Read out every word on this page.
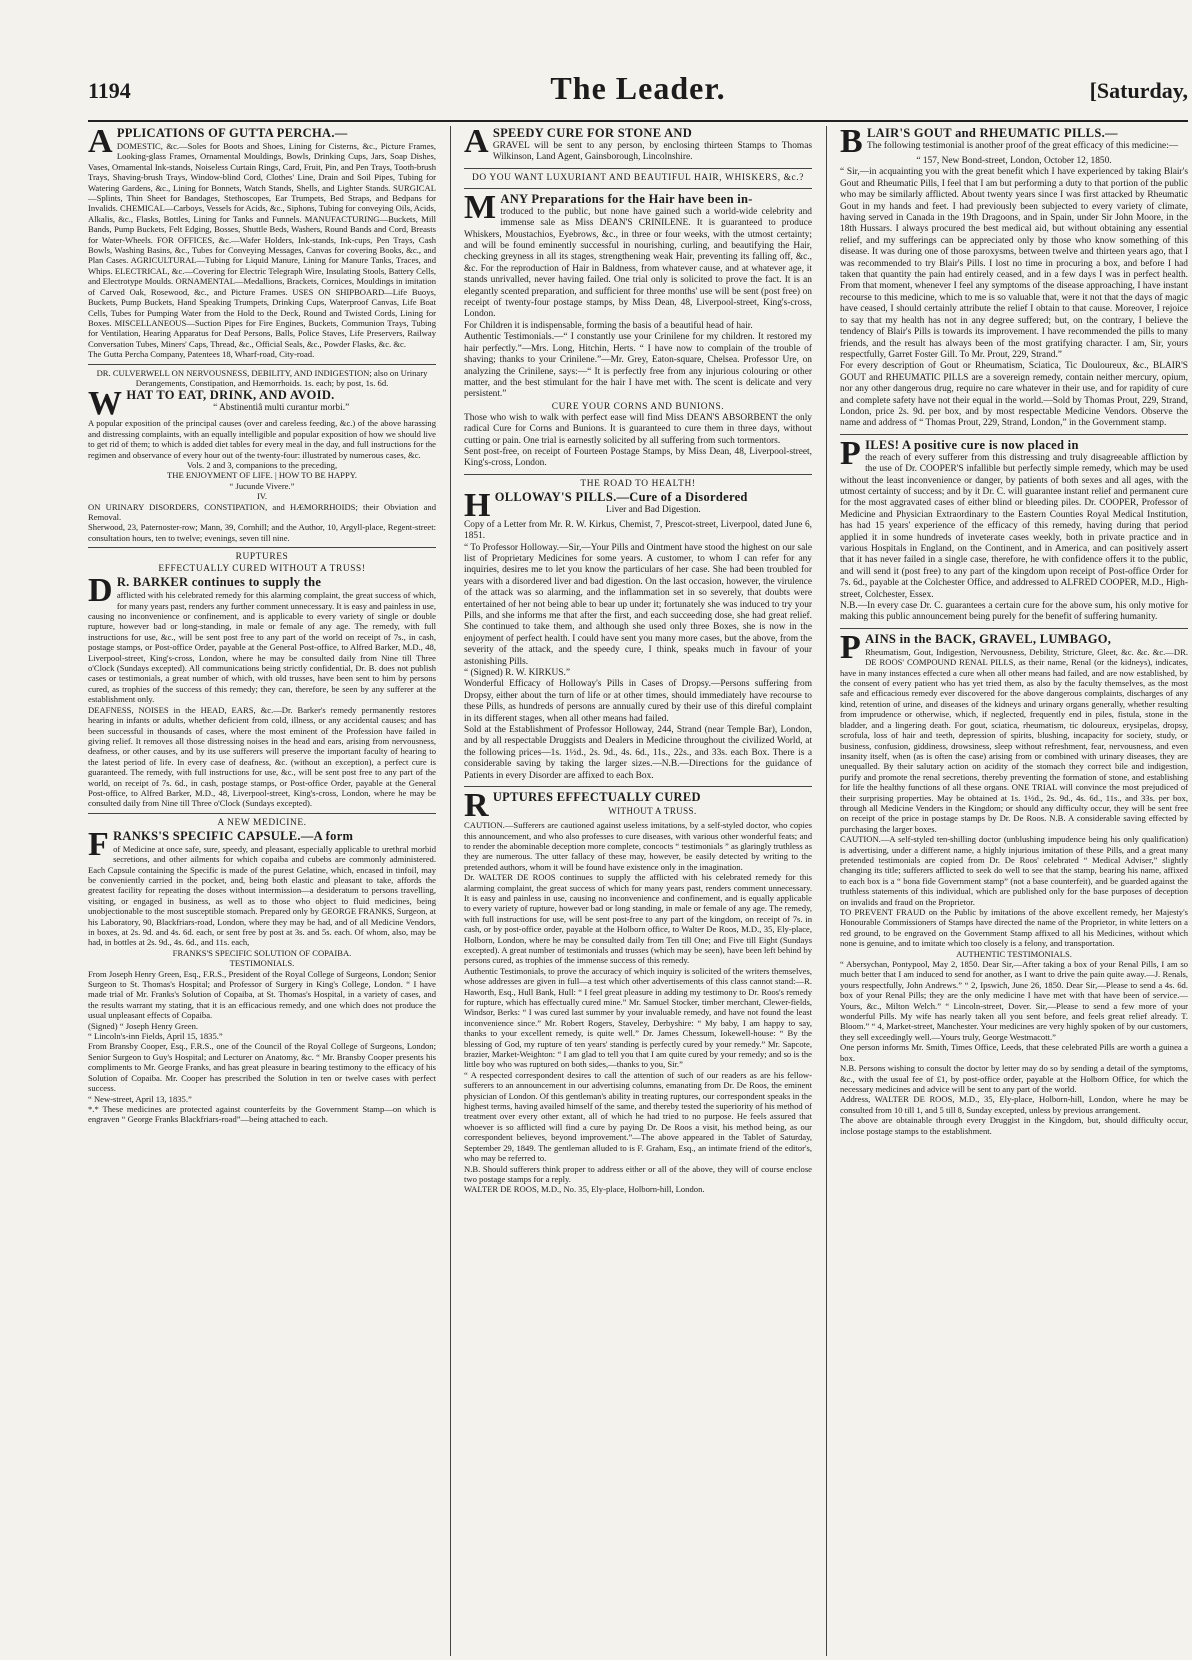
1194	The Leader.	[Saturday,
APPLICATIONS OF GUTTA PERCHA.—

DOMESTIC, &c.—Soles for Boots and Shoes, Lining for Cisterns, &c., Picture Frames, Looking-glass Frames, Ornamental Mouldings, Bowls, Drinking Cups, Jars, Soap Dishes, Vases, Ornamental Ink-stands, Noiseless Curtain Rings, Card, Fruit, Pin, and Pen Trays, Tooth-brush Trays, Shaving-brush Trays, Window-blind Cord, Clothes' Line, Drain and Soil Pipes, Tubing for Watering Gardens, &c., Lining for Bonnets, Watch Stands, Shells, and Lighter Stands. SURGICAL—Splints, Thin Sheet for Bandages, Stethoscopes, Ear Trumpets, Bed Straps, and Bedpans for Invalids. CHEMICAL—Carboys, Vessels for Acids, &c., Siphons, Tubing for conveying Oils, Acids, Alkalis, &c., Flasks, Bottles, Lining for Tanks and Funnels. MANUFACTURING—Buckets, Mill Bands, Pump Buckets, Felt Edging, Bosses, Shuttle Beds, Washers, Round Bands and Cord, Breasts for Water-Wheels. FOR OFFICES, &c.—Wafer Holders, Ink-stands, Ink-cups, Pen Trays, Cash Bowls, Washing Basins, &c., Tubes for Conveying Messages, Canvas for covering Books, &c., and Plan Cases. AGRICULTURAL—Tubing for Liquid Manure, Lining for Manure Tanks, Traces, and Whips. ELECTRICAL, &c.—Covering for Electric Telegraph Wire, Insulating Stools, Battery Cells, and Electrotype Moulds. ORNAMENTAL—Medallions, Brackets, Cornices, Mouldings in imitation of Carved Oak, Rosewood, &c., and Picture Frames. USES ON SHIPBOARD—Life Buoys, Buckets, Pump Buckets, Hand Speaking Trumpets, Drinking Cups, Waterproof Canvas, Life Boat Cells, Tubes for Pumping Water from the Hold to the Deck, Round and Twisted Cords, Lining for Boxes. MISCELLANEOUS—Suction Pipes for Fire Engines, Buckets, Communion Trays, Tubing for Ventilation, Hearing Apparatus for Deaf Persons, Balls, Police Staves, Life Preservers, Railway Conversation Tubes, Miners' Caps, Thread, &c., Official Seals, &c., Powder Flasks, &c. &c.

The Gutta Percha Company, Patentees 18, Wharf-road, City-road.

DR. CULVERWELL ON NERVOUSNESS, DEBILITY, AND INDIGESTION; also on Urinary Derangements, Constipation, and Hæmorrhoids. 1s. each; by post, 1s. 6d.

WHAT TO EAT, DRINK, AND AVOID.

“ Abstinentiâ multi curantur morbi.”

A popular exposition of the principal causes (over and careless feeding, &c.) of the above harassing and distressing complaints, with an equally intelligible and popular exposition of how we should live to get rid of them; to which is added diet tables for every meal in the day, and full instructions for the regimen and observance of every hour out of the twenty-four: illustrated by numerous cases, &c.

Vols. 2 and 3, companions to the preceding,

THE ENJOYMENT OF LIFE. | HOW TO BE HAPPY.

“ Jucunde Vivere.”

IV.

ON URINARY DISORDERS, CONSTIPATION, and HÆMORRHOIDS; their Obviation and Removal.

Sherwood, 23, Paternoster-row; Mann, 39, Cornhill; and the Author, 10, Argyll-place, Regent-street: consultation hours, ten to twelve; evenings, seven till nine.

RUPTURES
EFFECTUALLY CURED WITHOUT A TRUSS!
D R. BARKER continues to supply the

afflicted with his celebrated remedy for this alarming complaint, the great success of which, for many years past, renders any further comment unnecessary. It is easy and painless in use, causing no inconvenience or confinement, and is applicable to every variety of single or double rupture, however bad or long-standing, in male or female of any age. The remedy, with full instructions for use, &c., will be sent post free to any part of the world on receipt of 7s., in cash, postage stamps, or Post-office Order, payable at the General Post-office, to Alfred Barker, M.D., 48, Liverpool-street, King's-cross, London, where he may be consulted daily from Nine till Three o'Clock (Sundays excepted). All communications being strictly confidential, Dr. B. does not publish cases or testimonials, a great number of which, with old trusses, have been sent to him by persons cured, as trophies of the success of this remedy; they can, therefore, be seen by any sufferer at the establishment only.

DEAFNESS, NOISES in the HEAD, EARS, &c.—Dr. Barker's remedy permanently restores hearing in infants or adults, whether deficient from cold, illness, or any accidental causes; and has been successful in thousands of cases, where the most eminent of the Profession have failed in giving relief. It removes all those distressing noises in the head and ears, arising from nervousness, deafness, or other causes, and by its use sufferers will preserve the important faculty of hearing to the latest period of life. In every case of deafness, &c. (without an exception), a perfect cure is guaranteed. The remedy, with full instructions for use, &c., will be sent post free to any part of the world, on receipt of 7s. 6d., in cash, postage stamps, or Post-office Order, payable at the General Post-office, to Alfred Barker, M.D., 48, Liverpool-street, King's-cross, London, where he may be consulted daily from Nine till Three o'Clock (Sundays excepted).

A NEW MEDICINE.
FRANKS'S SPECIFIC CAPSULE.—A form

of Medicine at once safe, sure, speedy, and pleasant, especially applicable to urethral morbid secretions, and other ailments for which copaiba and cubebs are commonly administered. Each Capsule containing the Specific is made of the purest Gelatine, which, encased in tinfoil, may be conveniently carried in the pocket, and, being both elastic and pleasant to take, affords the greatest facility for repeating the doses without intermission—a desideratum to persons travelling, visiting, or engaged in business, as well as to those who object to fluid medicines, being unobjectionable to the most susceptible stomach. Prepared only by GEORGE FRANKS, Surgeon, at his Laboratory, 90, Blackfriars-road, London, where they may be had, and of all Medicine Vendors, in boxes, at 2s. 9d. and 4s. 6d. each, or sent free by post at 3s. and 5s. each. Of whom, also, may be had, in bottles at 2s. 9d., 4s. 6d., and 11s. each,

FRANKS'S SPECIFIC SOLUTION OF COPAIBA.

TESTIMONIALS.

From Joseph Henry Green, Esq., F.R.S., President of the Royal College of Surgeons, London; Senior Surgeon to St. Thomas's Hospital; and Professor of Surgery in King's College, London. “ I have made trial of Mr. Franks's Solution of Copaiba, at St. Thomas's Hospital, in a variety of cases, and the results warrant my stating, that it is an efficacious remedy, and one which does not produce the usual unpleasant effects of Copaiba.

(Signed) “ Joseph Henry Green.

“ Lincoln's-inn Fields, April 15, 1835.”

From Bransby Cooper, Esq., F.R.S., one of the Council of the Royal College of Surgeons, London; Senior Surgeon to Guy's Hospital; and Lecturer on Anatomy, &c. “ Mr. Bransby Cooper presents his compliments to Mr. George Franks, and has great pleasure in bearing testimony to the efficacy of his Solution of Copaiba. Mr. Cooper has prescribed the Solution in ten or twelve cases with perfect success.

“ New-street, April 13, 1835.”

*.* These medicines are protected against counterfeits by the Government Stamp—on which is engraven “ George Franks Blackfriars-road”—being attached to each.

ASPEEDY CURE FOR STONE AND

GRAVEL will be sent to any person, by enclosing thirteen Stamps to Thomas Wilkinson, Land Agent, Gainsborough, Lincolnshire.

DO YOU WANT LUXURIANT AND BEAUTIFUL HAIR, WHISKERS, &c.?
MANY Preparations for the Hair have been in-

troduced to the public, but none have gained such a world-wide celebrity and immense sale as Miss DEAN'S CRINILENE. It is guaranteed to produce Whiskers, Moustachios, Eyebrows, &c., in three or four weeks, with the utmost certainty; and will be found eminently successful in nourishing, curling, and beautifying the Hair, checking greyness in all its stages, strengthening weak Hair, preventing its falling off, &c., &c. For the reproduction of Hair in Baldness, from whatever cause, and at whatever age, it stands unrivalled, never having failed. One trial only is solicited to prove the fact. It is an elegantly scented preparation, and sufficient for three months' use will be sent (post free) on receipt of twenty-four postage stamps, by Miss Dean, 48, Liverpool-street, King's-cross, London.

For Children it is indispensable, forming the basis of a beautiful head of hair.

Authentic Testimonials.—“ I constantly use your Crinilene for my children. It restored my hair perfectly.”—Mrs. Long, Hitchin, Herts. “ I have now to complain of the trouble of shaving; thanks to your Crinilene.”—Mr. Grey, Eaton-square, Chelsea. Professor Ure, on analyzing the Crinilene, says:—“ It is perfectly free from any injurious colouring or other matter, and the best stimulant for the hair I have met with. The scent is delicate and very persistent.”

CURE YOUR CORNS AND BUNIONS.

Those who wish to walk with perfect ease will find Miss DEAN'S ABSORBENT the only radical Cure for Corns and Bunions. It is guaranteed to cure them in three days, without cutting or pain. One trial is earnestly solicited by all suffering from such tormentors.

Sent post-free, on receipt of Fourteen Postage Stamps, by Miss Dean, 48, Liverpool-street, King's-cross, London.

THE ROAD TO HEALTH!
HOLLOWAY'S PILLS.—Cure of a Disordered

Liver and Bad Digestion.

Copy of a Letter from Mr. R. W. Kirkus, Chemist, 7, Prescot-street, Liverpool, dated June 6, 1851.

“ To Professor Holloway.—Sir,—Your Pills and Ointment have stood the highest on our sale list of Proprietary Medicines for some years. A customer, to whom I can refer for any inquiries, desires me to let you know the particulars of her case. She had been troubled for years with a disordered liver and bad digestion. On the last occasion, however, the virulence of the attack was so alarming, and the inflammation set in so severely, that doubts were entertained of her not being able to bear up under it; fortunately she was induced to try your Pills, and she informs me that after the first, and each succeeding dose, she had great relief. She continued to take them, and although she used only three Boxes, she is now in the enjoyment of perfect health. I could have sent you many more cases, but the above, from the severity of the attack, and the speedy cure, I think, speaks much in favour of your astonishing Pills.

“ (Signed) R. W. KIRKUS.”

Wonderful Efficacy of Holloway's Pills in Cases of Dropsy.—Persons suffering from Dropsy, either about the turn of life or at other times, should immediately have recourse to these Pills, as hundreds of persons are annually cured by their use of this direful complaint in its different stages, when all other means had failed.

Sold at the Establishment of Professor Holloway, 244, Strand (near Temple Bar), London, and by all respectable Druggists and Dealers in Medicine throughout the civilized World, at the following prices—1s. 1½d., 2s. 9d., 4s. 6d., 11s., 22s., and 33s. each Box. There is a considerable saving by taking the larger sizes.—N.B.—Directions for the guidance of Patients in every Disorder are affixed to each Box.

RUPTURES EFFECTUALLY CURED
WITHOUT A TRUSS.

CAUTION.—Sufferers are cautioned against useless imitations, by a self-styled doctor, who copies this announcement, and who also professes to cure diseases, with various other wonderful feats; and to render the abominable deception more complete, concocts “ testimonials ” as glaringly truthless as they are numerous. The utter fallacy of these may, however, be easily detected by writing to the pretended authors, whom it will be found have existence only in the imagination.

Dr. WALTER DE ROOS continues to supply the afflicted with his celebrated remedy for this alarming complaint, the great success of which for many years past, renders comment unnecessary. It is easy and painless in use, causing no inconvenience and confinement, and is equally applicable to every variety of rupture, however bad or long standing, in male or female of any age. The remedy, with full instructions for use, will be sent post-free to any part of the kingdom, on receipt of 7s. in cash, or by post-office order, payable at the Holborn office, to Walter De Roos, M.D., 35, Ely-place, Holborn, London, where he may be consulted daily from Ten till One; and Five till Eight (Sundays excepted). A great number of testimonials and trusses (which may be seen), have been left behind by persons cured, as trophies of the immense success of this remedy.

Authentic Testimonials, to prove the accuracy of which inquiry is solicited of the writers themselves, whose addresses are given in full—a test which other advertisements of this class cannot stand:—R. Haworth, Esq., Hull Bank, Hull: “ I feel great pleasure in adding my testimony to Dr. Roos's remedy for rupture, which has effectually cured mine.” Mr. Samuel Stocker, timber merchant, Clewer-fields, Windsor, Berks: “ I was cured last summer by your invaluable remedy, and have not found the least inconvenience since.” Mr. Robert Rogers, Staveley, Derbyshire: “ My baby, I am happy to say, thanks to your excellent remedy, is quite well.” Dr. James Chessum, Iokewell-house: “ By the blessing of God, my rupture of ten years' standing is perfectly cured by your remedy.” Mr. Sapcote, brazier, Market-Weighton: “ I am glad to tell you that I am quite cured by your remedy; and so is the little boy who was ruptured on both sides,—thanks to you, Sir.”

“ A respected correspondent desires to call the attention of such of our readers as are his fellow-sufferers to an announcement in our advertising columns, emanating from Dr. De Roos, the eminent physician of London. Of this gentleman's ability in treating ruptures, our correspondent speaks in the highest terms, having availed himself of the same, and thereby tested the superiority of his method of treatment over every other extant, all of which he had tried to no purpose. He feels assured that whoever is so afflicted will find a cure by paying Dr. De Roos a visit, his method being, as our correspondent believes, beyond improvement.”—The above appeared in the Tablet of Saturday, September 29, 1849. The gentleman alluded to is F. Graham, Esq., an intimate friend of the editor's, who may be referred to.

N.B. Should sufferers think proper to address either or all of the above, they will of course enclose two postage stamps for a reply.

WALTER DE ROOS, M.D., No. 35, Ely-place, Holborn-hill, London.

BLAIR'S GOUT and RHEUMATIC PILLS.—

The following testimonial is another proof of the great efficacy of this medicine:—

“ 157, New Bond-street, London, October 12, 1850.

“ Sir,—in acquainting you with the great benefit which I have experienced by taking Blair's Gout and Rheumatic Pills, I feel that I am but performing a duty to that portion of the public who may be similarly afflicted. About twenty years since I was first attacked by Rheumatic Gout in my hands and feet. I had previously been subjected to every variety of climate, having served in Canada in the 19th Dragoons, and in Spain, under Sir John Moore, in the 18th Hussars. I always procured the best medical aid, but without obtaining any essential relief, and my sufferings can be appreciated only by those who know something of this disease. It was during one of those paroxysms, between twelve and thirteen years ago, that I was recommended to try Blair's Pills. I lost no time in procuring a box, and before I had taken that quantity the pain had entirely ceased, and in a few days I was in perfect health. From that moment, whenever I feel any symptoms of the disease approaching, I have instant recourse to this medicine, which to me is so valuable that, were it not that the days of magic have ceased, I should certainly attribute the relief I obtain to that cause. Moreover, I rejoice to say that my health has not in any degree suffered; but, on the contrary, I believe the tendency of Blair's Pills is towards its improvement. I have recommended the pills to many friends, and the result has always been of the most gratifying character. I am, Sir, yours respectfully, Garret Foster Gill. To Mr. Prout, 229, Strand.”

For every description of Gout or Rheumatism, Sciatica, Tic Douloureux, &c., BLAIR'S GOUT and RHEUMATIC PILLS are a sovereign remedy, contain neither mercury, opium, nor any other dangerous drug, require no care whatever in their use, and for rapidity of cure and complete safety have not their equal in the world.—Sold by Thomas Prout, 229, Strand, London, price 2s. 9d. per box, and by most respectable Medicine Vendors. Observe the name and address of “ Thomas Prout, 229, Strand, London,” in the Government stamp.

PILES! A positive cure is now placed in

the reach of every sufferer from this distressing and truly disagreeable affliction by the use of Dr. COOPER'S infallible but perfectly simple remedy, which may be used without the least inconvenience or danger, by patients of both sexes and all ages, with the utmost certainty of success; and by it Dr. C. will guarantee instant relief and permanent cure for the most aggravated cases of either blind or bleeding piles. Dr. COOPER, Professor of Medicine and Physician Extraordinary to the Eastern Counties Royal Medical Institution, has had 15 years' experience of the efficacy of this remedy, having during that period applied it in some hundreds of inveterate cases weekly, both in private practice and in various Hospitals in England, on the Continent, and in America, and can positively assert that it has never failed in a single case, therefore, he with confidence offers it to the public, and will send it (post free) to any part of the kingdom upon receipt of Post-office Order for 7s. 6d., payable at the Colchester Office, and addressed to ALFRED COOPER, M.D., High-street, Colchester, Essex.

N.B.—In every case Dr. C. guarantees a certain cure for the above sum, his only motive for making this public announcement being purely for the benefit of suffering humanity.

PAINS in the BACK, GRAVEL, LUMBAGO,

Rheumatism, Gout, Indigestion, Nervousness, Debility, Stricture, Gleet, &c. &c. &c.—DR. DE ROOS' COMPOUND RENAL PILLS, as their name, Renal (or the kidneys), indicates, have in many instances effected a cure when all other means had failed, and are now established, by the consent of every patient who has yet tried them, as also by the faculty themselves, as the most safe and efficacious remedy ever discovered for the above dangerous complaints, discharges of any kind, retention of urine, and diseases of the kidneys and urinary organs generally, whether resulting from imprudence or otherwise, which, if neglected, frequently end in piles, fistula, stone in the bladder, and a lingering death. For gout, sciatica, rheumatism, tic doloureux, erysipelas, dropsy, scrofula, loss of hair and teeth, depression of spirits, blushing, incapacity for society, study, or business, confusion, giddiness, drowsiness, sleep without refreshment, fear, nervousness, and even insanity itself, when (as is often the case) arising from or combined with urinary diseases, they are unequalled. By their salutary action on acidity of the stomach they correct bile and indigestion, purify and promote the renal secretions, thereby preventing the formation of stone, and establishing for life the healthy functions of all these organs. ONE TRIAL will convince the most prejudiced of their surprising properties. May be obtained at 1s. 1½d., 2s. 9d., 4s. 6d., 11s., and 33s. per box, through all Medicine Venders in the Kingdom; or should any difficulty occur, they will be sent free on receipt of the price in postage stamps by Dr. De Roos. N.B. A considerable saving effected by purchasing the larger boxes.

CAUTION.—A self-styled ten-shilling doctor (unblushing impudence being his only qualification) is advertising, under a different name, a highly injurious imitation of these Pills, and a great many pretended testimonials are copied from Dr. De Roos' celebrated “ Medical Adviser,” slightly changing its title; sufferers afflicted to seek do well to see that the stamp, bearing his name, affixed to each box is a “ bona fide Government stamp” (not a base counterfeit), and be guarded against the truthless statements of this individual, which are published only for the base purposes of deception on invalids and fraud on the Proprietor.

TO PREVENT FRAUD on the Public by imitations of the above excellent remedy, her Majesty's Honourable Commissioners of Stamps have directed the name of the Proprietor, in white letters on a red ground, to be engraved on the Government Stamp affixed to all his Medicines, without which none is genuine, and to imitate which too closely is a felony, and transportation.

AUTHENTIC TESTIMONIALS.

“ Abersychan, Pontypool, May 2, 1850. Dear Sir,—After taking a box of your Renal Pills, I am so much better that I am induced to send for another, as I want to drive the pain quite away.—J. Renals, yours respectfully, John Andrews.” “ 2, Ipswich, June 26, 1850. Dear Sir,—Please to send a 4s. 6d. box of your Renal Pills; they are the only medicine I have met with that have been of service.—Yours, &c., Milton Welch.” “ Lincoln-street, Dover. Sir,—Please to send a few more of your wonderful Pills. My wife has nearly taken all you sent before, and feels great relief already. T. Bloom.” “ 4, Market-street, Manchester. Your medicines are very highly spoken of by our customers, they sell exceedingly well.—Yours truly, George Westmacott.”

One person informs Mr. Smith, Times Office, Leeds, that these celebrated Pills are worth a guinea a box.

N.B. Persons wishing to consult the doctor by letter may do so by sending a detail of the symptoms, &c., with the usual fee of £1, by post-office order, payable at the Holborn Office, for which the necessary medicines and advice will be sent to any part of the world.

Address, WALTER DE ROOS, M.D., 35, Ely-place, Holborn-hill, London, where he may be consulted from 10 till 1, and 5 till 8, Sunday excepted, unless by previous arrangement.

The above are obtainable through every Druggist in the Kingdom, but, should difficulty occur, inclose postage stamps to the establishment.
